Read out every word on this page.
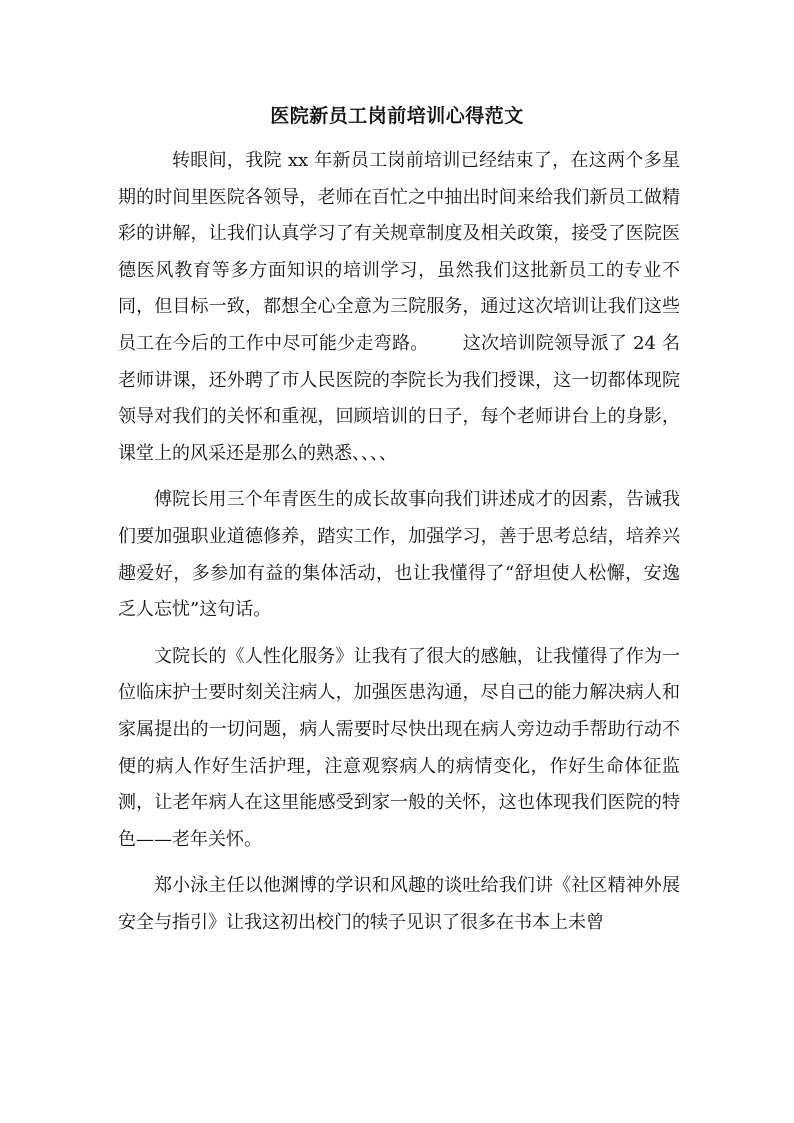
医院新员工岗前培训心得范文

转眼间，我院 xx 年新员工岗前培训已经结束了，在这两个多星期的时间里医院各领导，老师在百忙之中抽出时间来给我们新员工做精彩的讲解，让我们认真学习了有关规章制度及相关政策，接受了医院医德医风教育等多方面知识的培训学习，虽然我们这批新员工的专业不同，但目标一致，都想全心全意为三院服务，通过这次培训让我们这些员工在今后的工作中尽可能少走弯路。 这次培训院领导派了 24 名老师讲课，还外聘了市人民医院的李院长为我们授课，这一切都体现院领导对我们的关怀和重视，回顾培训的日子，每个老师讲台上的身影，课堂上的风采还是那么的熟悉、、、、

傅院长用三个年青医生的成长故事向我们讲述成才的因素，告诫我们要加强职业道德修养，踏实工作，加强学习，善于思考总结，培养兴趣爱好，多参加有益的集体活动，也让我懂得了“舒坦使人松懈，安逸乏人忘忧”这句话。

文院长的《人性化服务》让我有了很大的感触，让我懂得了作为一位临床护士要时刻关注病人，加强医患沟通，尽自己的能力解决病人和家属提出的一切问题，病人需要时尽快出现在病人旁边动手帮助行动不便的病人作好生活护理，注意观察病人的病情变化，作好生命体征监测，让老年病人在这里能感受到家一般的关怀，这也体现我们医院的特色——老年关怀。

郑小泳主任以他渊博的学识和风趣的谈吐给我们讲《社区精神外展安全与指引》让我这初出校门的犊子见识了很多在书本上未曾
